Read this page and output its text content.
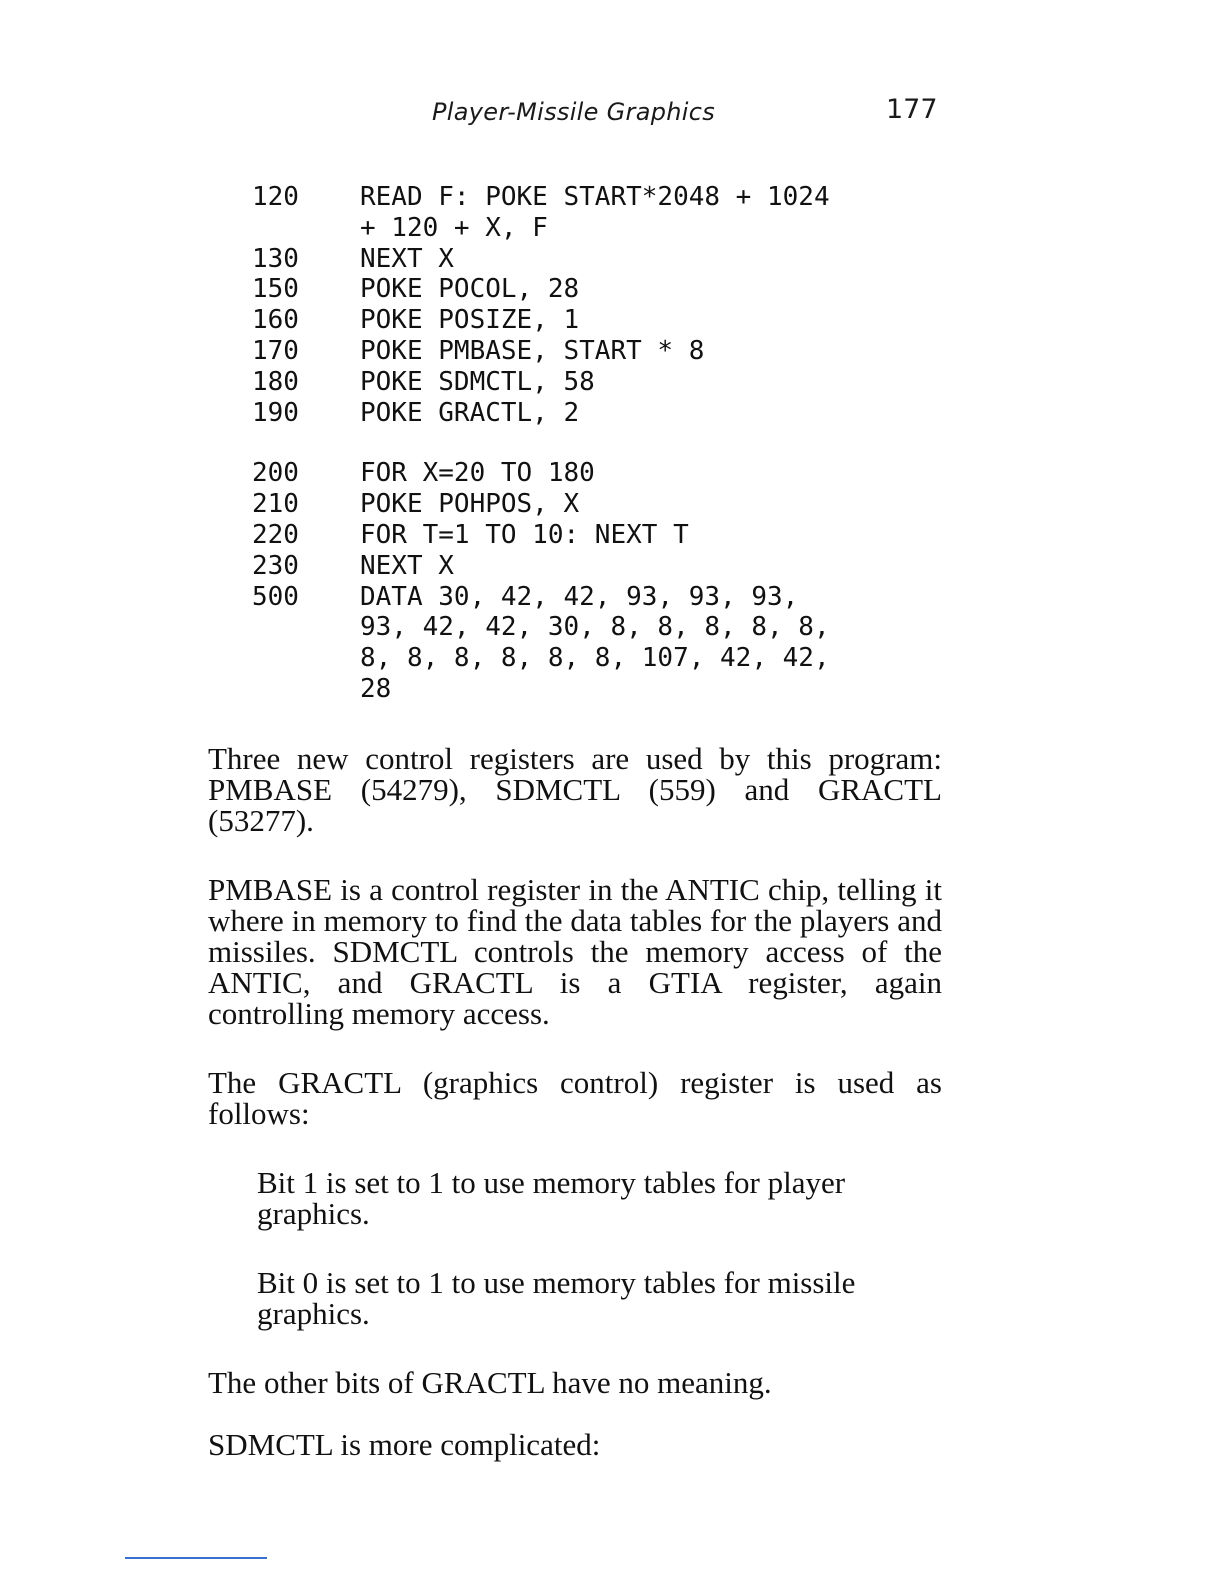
Player-Missile Graphics	177
120	READ F: POKE START*2048 + 1024
+ 120 + X, F
130	NEXT X
150	POKE POCOL, 28
160	POKE POSIZE, 1
170	POKE PMBASE, START * 8
180	POKE SDMCTL, 58
190	POKE GRACTL, 2
200	FOR X=20 TO 180
210	POKE POHPOS, X
220	FOR T=1 TO 10: NEXT T
230	NEXT X
500	DATA 30, 42, 42, 93, 93, 93,
93, 42, 42, 30, 8, 8, 8, 8, 8,
8, 8, 8, 8, 8, 8, 107, 42, 42,
28

Three new control registers are used by this program: PMBASE (54279), SDMCTL (559) and GRACTL (53277).

PMBASE is a control register in the ANTIC chip, telling it where in memory to find the data tables for the players and missiles. SDMCTL controls the memory access of the ANTIC, and GRACTL is a GTIA register, again controlling memory access.

The GRACTL (graphics control) register is used as follows:

Bit 1 is set to 1 to use memory tables for player graphics.

Bit 0 is set to 1 to use memory tables for missile graphics.

The other bits of GRACTL have no meaning.

SDMCTL is more complicated:
